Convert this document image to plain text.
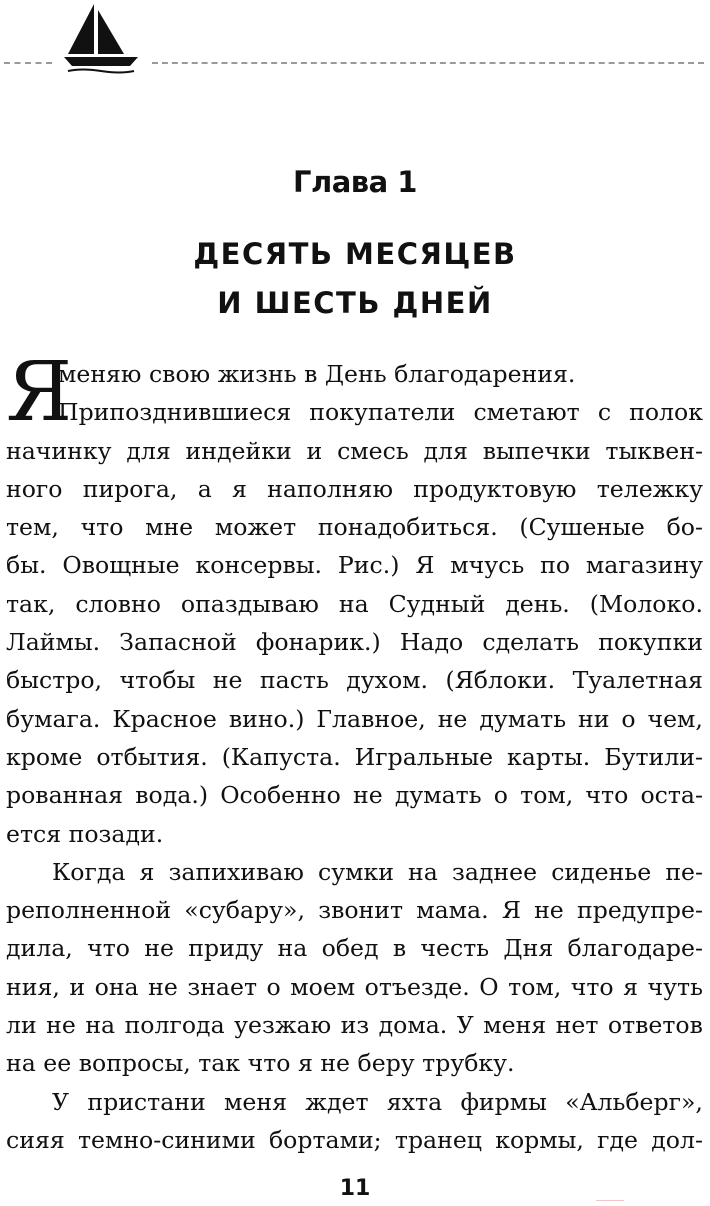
Глава 1
ДЕСЯТЬ МЕСЯЦЕВ
И ШЕСТЬ ДНЕЙ
Я
меняю свою жизнь в День благодарения.
Припозднившиеся покупатели сметают с полок
начинку для индейки и смесь для выпечки тыквен-
ного пирога, а я наполняю продуктовую тележку
тем, что мне может понадобиться. (Сушеные бо-
бы. Овощные консервы. Рис.) Я мчусь по магазину
так, словно опаздываю на Судный день. (Молоко.
Лаймы. Запасной фонарик.) Надо сделать покупки
быстро, чтобы не пасть духом. (Яблоки. Туалетная
бумага. Красное вино.) Главное, не думать ни о чем,
кроме отбытия. (Капуста. Игральные карты. Бутили-
рованная вода.) Особенно не думать о том, что оста-
ется позади.
Когда я запихиваю сумки на заднее сиденье пе-
реполненной «субару», звонит мама. Я не предупре-
дила, что не приду на обед в честь Дня благодаре-
ния, и она не знает о моем отъезде. О том, что я чуть
ли не на полгода уезжаю из дома. У меня нет ответов
на ее вопросы, так что я не беру трубку.
У пристани меня ждет яхта фирмы «Альберг»,
сияя темно-синими бортами; транец кормы, где дол-
11
